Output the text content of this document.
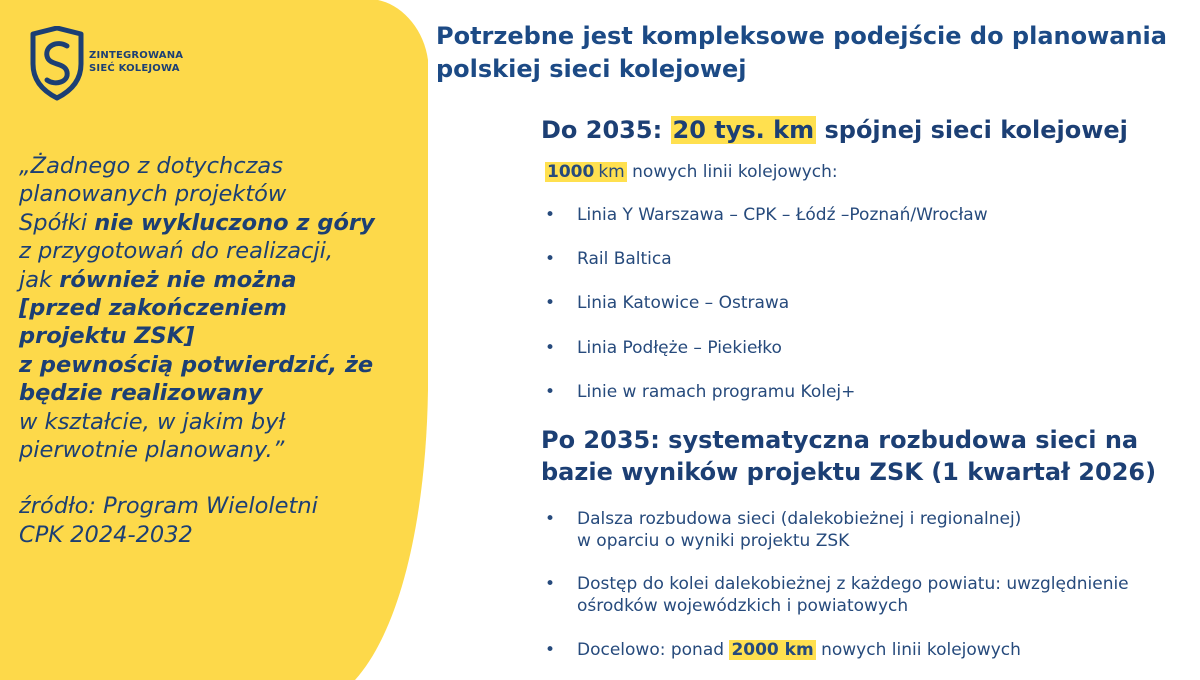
ZINTEGROWANA
SIEĆ KOLEJOWA
„Żadnego z dotychczas
planowanych projektów
Spółki nie wykluczono z góry
z przygotowań do realizacji,
jak również nie można
[przed zakończeniem
projektu ZSK]
z pewnością potwierdzić, że
będzie realizowany
w kształcie, w jakim był
pierwotnie planowany.”
źródło: Program Wieloletni
CPK 2024-2032
Potrzebne jest kompleksowe podejście do planowania
polskiej sieci kolejowej
Do 2035: 20 tys. km spójnej sieci kolejowej
1000 km nowych linii kolejowych:
• Linia Y Warszawa – CPK – Łódź –Poznań/Wrocław
• Rail Baltica
• Linia Katowice – Ostrawa
• Linia Podłęże – Piekiełko
• Linie w ramach programu Kolej+
Po 2035: systematyczna rozbudowa sieci na
bazie wyników projektu ZSK (1 kwartał 2026)
• Dalsza rozbudowa sieci (dalekobieżnej i regionalnej)
w oparciu o wyniki projektu ZSK
• Dostęp do kolei dalekobieżnej z każdego powiatu: uwzględnienie
ośrodków wojewódzkich i powiatowych
• Docelowo: ponad 2000 km nowych linii kolejowych
